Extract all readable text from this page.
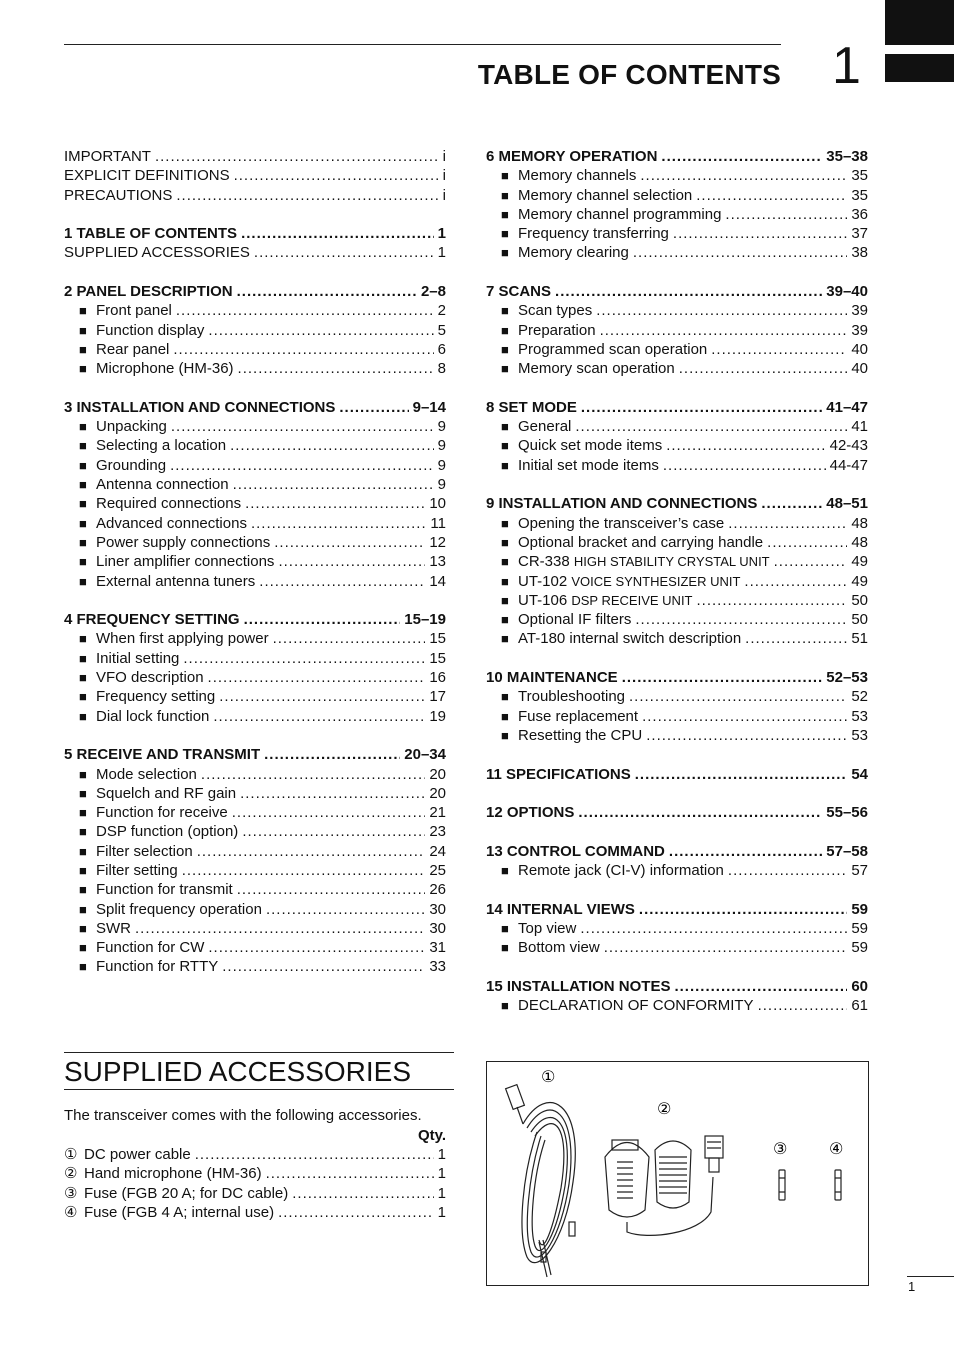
TABLE OF CONTENTS 1
IMPORTANT .....	i
EXPLICIT DEFINITIONS .....	i
PRECAUTIONS .....	i
1 TABLE OF CONTENTS .....	1
SUPPLIED ACCESSORIES .....	1
2 PANEL DESCRIPTION .....	2–8
■ Front panel .....	2
■ Function display .....	5
■ Rear panel .....	6
■ Microphone (HM-36) .....	8
3 INSTALLATION AND CONNECTIONS .....	9–14
■ Unpacking .....	9
■ Selecting a location .....	9
■ Grounding .....	9
■ Antenna connection .....	9
■ Required connections .....	10
■ Advanced connections .....	11
■ Power supply connections .....	12
■ Liner amplifier connections .....	13
■ External antenna tuners .....	14
4 FREQUENCY SETTING .....	15–19
■ When first applying power .....	15
■ Initial setting .....	15
■ VFO description .....	16
■ Frequency setting .....	17
■ Dial lock function .....	19
5 RECEIVE AND TRANSMIT .....	20–34
■ Mode selection .....	20
■ Squelch and RF gain .....	20
■ Function for receive .....	21
■ DSP function (option) .....	23
■ Filter selection .....	24
■ Filter setting .....	25
■ Function for transmit .....	26
■ Split frequency operation .....	30
■ SWR .....	30
■ Function for CW .....	31
■ Function for RTTY .....	33
6 MEMORY OPERATION .....	35–38
■ Memory channels .....	35
■ Memory channel selection .....	35
■ Memory channel programming .....	36
■ Frequency transferring .....	37
■ Memory clearing .....	38
7 SCANS .....	39–40
■ Scan types .....	39
■ Preparation .....	39
■ Programmed scan operation .....	40
■ Memory scan operation .....	40
8 SET MODE .....	41–47
■ General .....	41
■ Quick set mode items .....	42-43
■ Initial set mode items .....	44-47
9 INSTALLATION AND CONNECTIONS .....	48–51
■ Opening the transceiver’s case .....	48
■ Optional bracket and carrying handle .....	48
■ CR-338 HIGH STABILITY CRYSTAL UNIT .....	49
■ UT-102 VOICE SYNTHESIZER UNIT .....	49
■ UT-106 DSP RECEIVE UNIT .....	50
■ Optional IF filters .....	50
■ AT-180 internal switch description .....	51
10 MAINTENANCE .....	52–53
■ Troubleshooting .....	52
■ Fuse replacement .....	53
■ Resetting the CPU .....	53
11 SPECIFICATIONS .....	54
12 OPTIONS .....	55–56
13 CONTROL COMMAND .....	57–58
■ Remote jack (CI-V) information .....	57
14 INTERNAL VIEWS .....	59
■ Top view .....	59
■ Bottom view .....	59
15 INSTALLATION NOTES .....	60
■ DECLARATION OF CONFORMITY .....	61
SUPPLIED ACCESSORIES
The transceiver comes with the following accessories.
Qty.
① DC power cable .....	1
② Hand microphone (HM-36) .....	1
③ Fuse (FGB 20 A; for DC cable) .....	1
④ Fuse (FGB 4 A; internal use) .....	1
①
②
③	④
1
